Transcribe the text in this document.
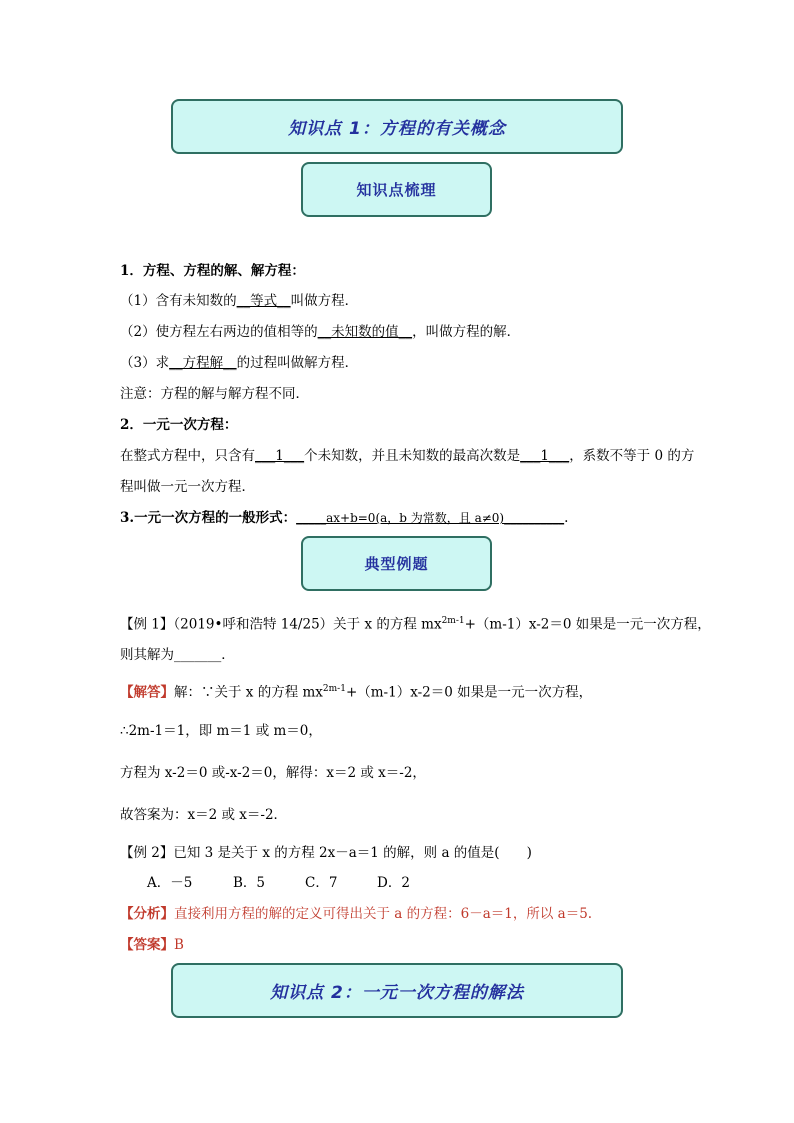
知识点 1：方程的有关概念
知识点梳理
1．方程、方程的解、解方程：
（1）含有未知数的__等式__叫做方程．
（2）使方程左右两边的值相等的__未知数的值__，叫做方程的解．
（3）求__方程解__的过程叫做解方程．
注意：方程的解与解方程不同．
2．一元一次方程：
在整式方程中，只含有___1___个未知数，并且未知数的最高次数是___1___，系数不等于 0 的方
程叫做一元一次方程．
3.一元一次方程的一般形式：_____ax+b=0(a，b 为常数，且 a≠0)__________.
典型例题
【例 1】（2019•呼和浩特 14/25）关于 x 的方程 $mx^{2m-1}+(m-1)x-2=0$ 如果是一元一次方程，
则其解为_______．
【解答】解：∵关于 x 的方程 $mx^{2m-1}+(m-1)x-2=0$ 如果是一元一次方程，
∴2m-1＝1，即 m＝1 或 m＝0，
方程为 x-2＝0 或-x-2＝0，解得：x＝2 或 x＝-2，
故答案为：x＝2 或 x＝-2．
【例 2】已知 3 是关于 x 的方程 2x－a＝1 的解，则 a 的值是(　　)
A．－5	B．5	C．7	D．2
【分析】直接利用方程的解的定义可得出关于 a 的方程：6－a＝1，所以 a＝5.
【答案】B
知识点 2：一元一次方程的解法
